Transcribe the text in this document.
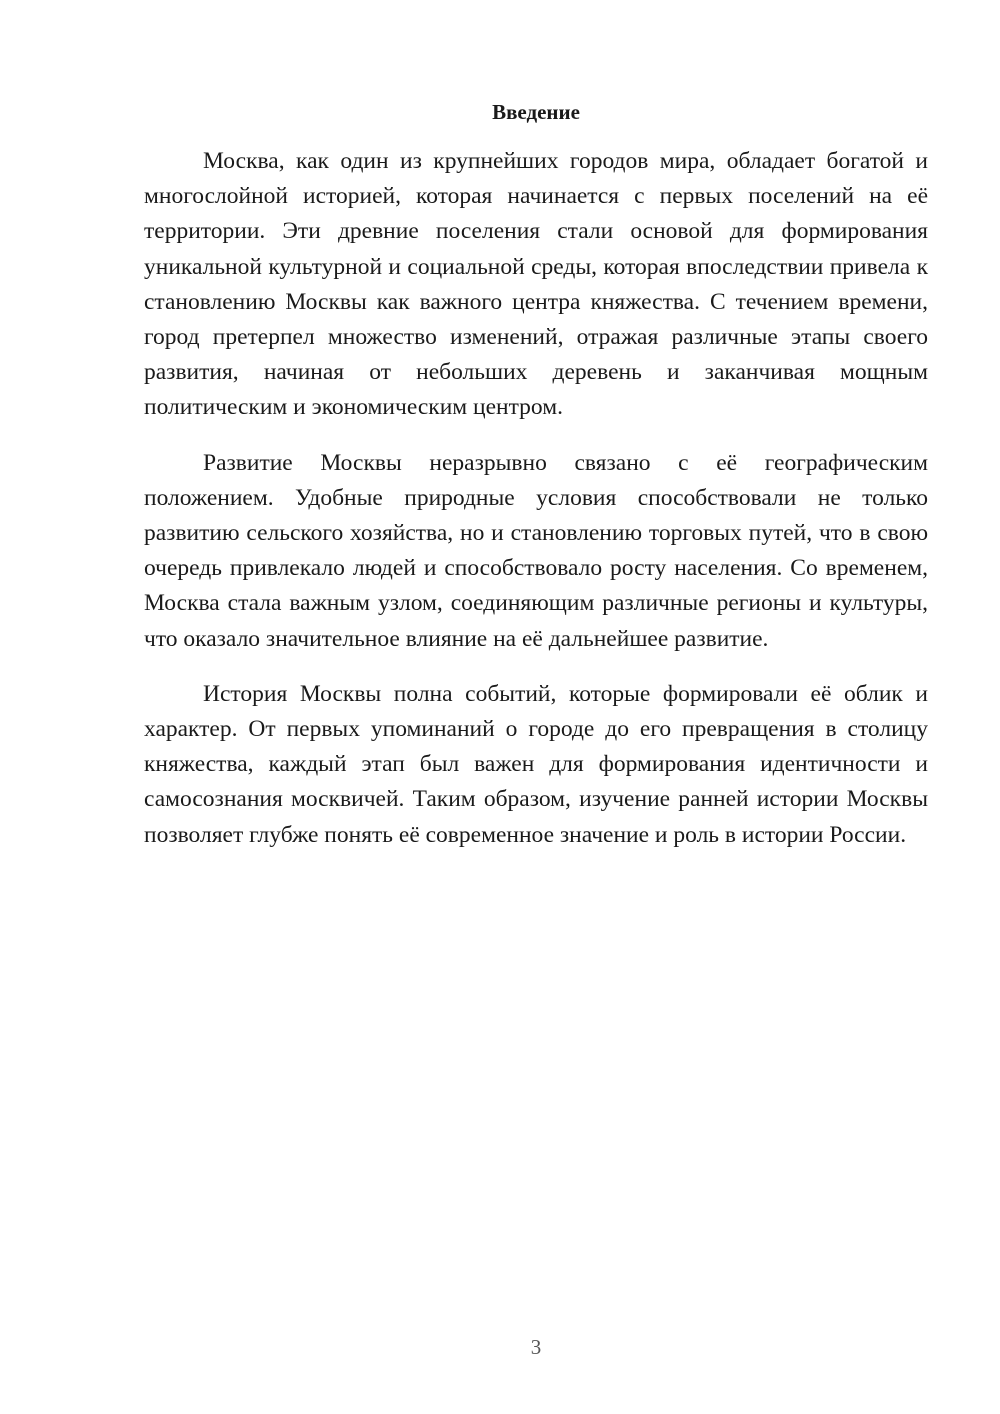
Введение

Москва, как один из крупнейших городов мира, обладает богатой и многослойной историей, которая начинается с первых поселений на её территории. Эти древние поселения стали основой для формирования уникальной культурной и социальной среды, которая впоследствии привела к становлению Москвы как важного центра княжества. С течением времени, город претерпел множество изменений, отражая различные этапы своего развития, начиная от небольших деревень и заканчивая мощным политическим и экономическим центром.

Развитие Москвы неразрывно связано с её географическим положением. Удобные природные условия способствовали не только развитию сельского хозяйства, но и становлению торговых путей, что в свою очередь привлекало людей и способствовало росту населения. Со временем, Москва стала важным узлом, соединяющим различные регионы и культуры, что оказало значительное влияние на её дальнейшее развитие.

История Москвы полна событий, которые формировали её облик и характер. От первых упоминаний о городе до его превращения в столицу княжества, каждый этап был важен для формирования идентичности и самосознания москвичей. Таким образом, изучение ранней истории Москвы позволяет глубже понять её современное значение и роль в истории России.

3
